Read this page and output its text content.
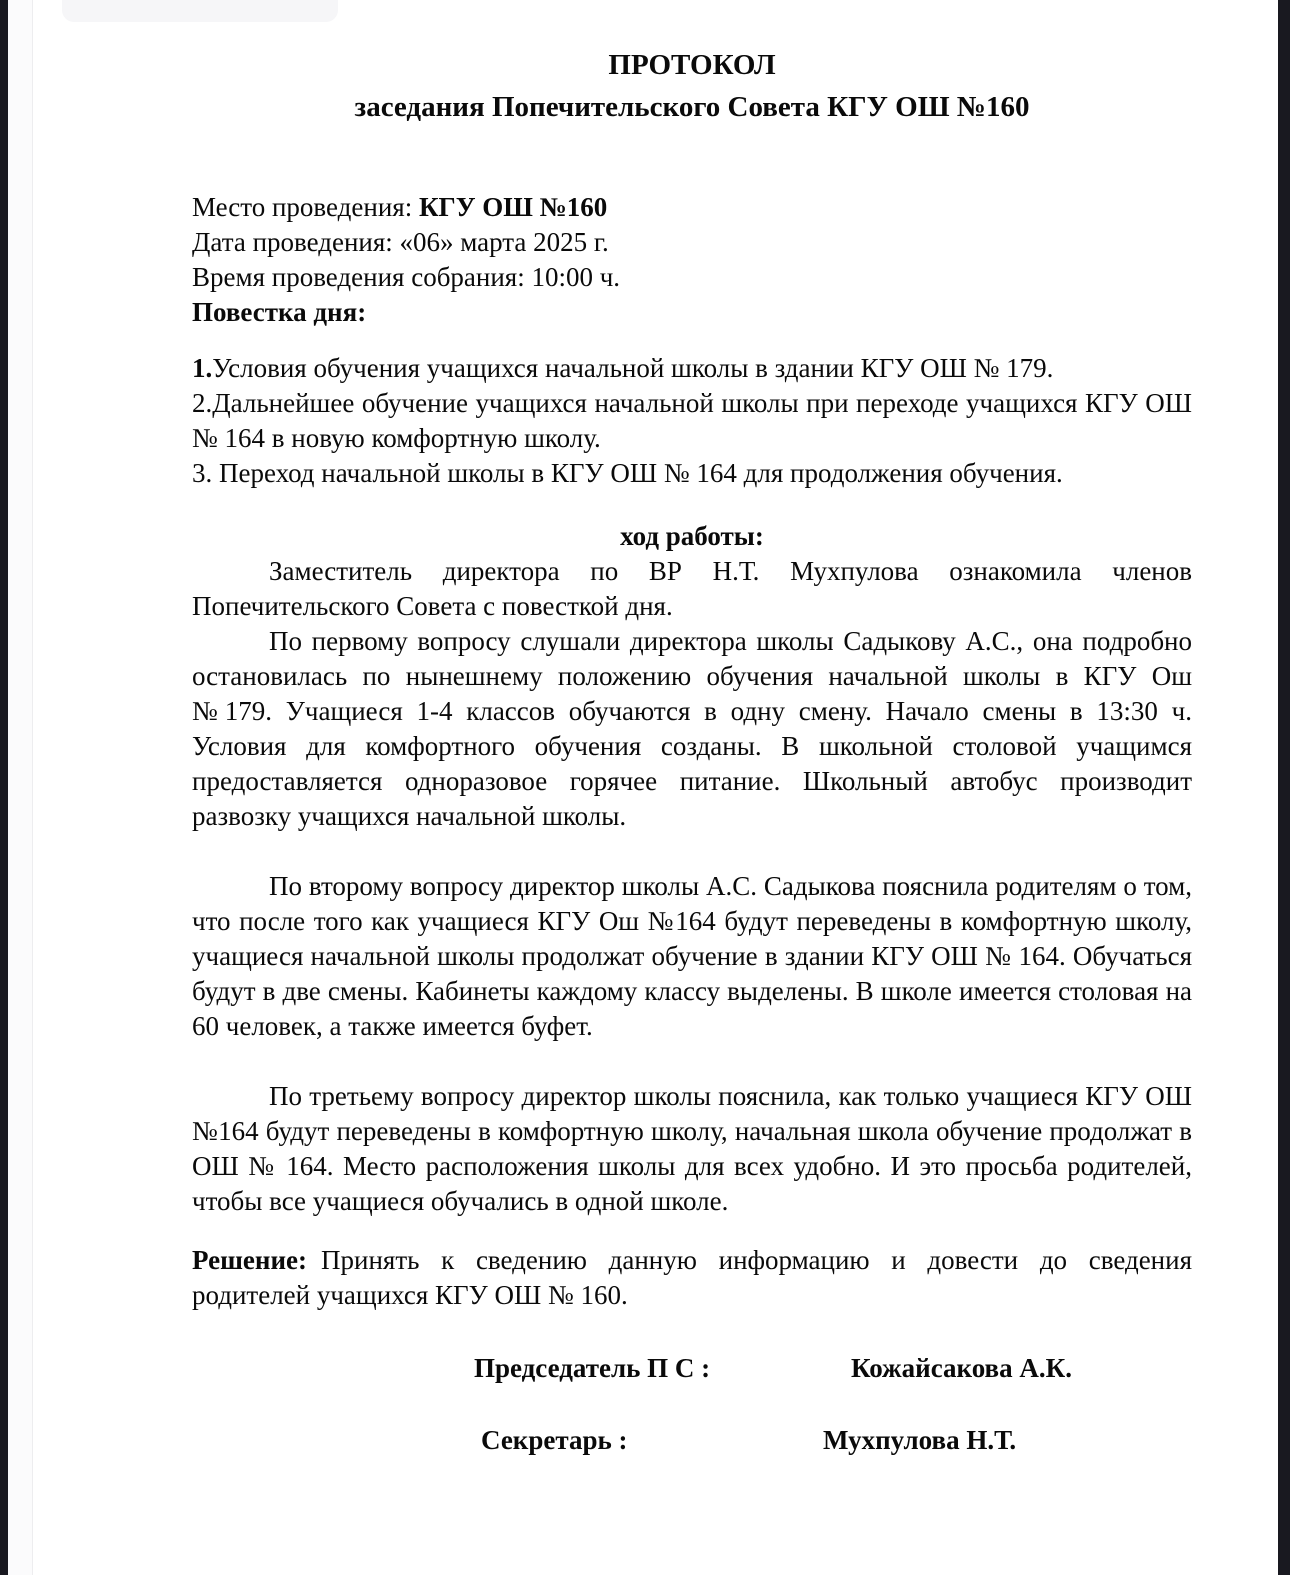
ПРОТОКОЛ
заседания Попечительского Совета КГУ ОШ №160

Место проведения: КГУ ОШ №160

Дата проведения: «06» марта 2025 г.

Время проведения собрания: 10:00 ч.

Повестка дня:

1.Условия обучения учащихся начальной школы в здании КГУ ОШ № 179.

2.Дальнейшее обучение учащихся начальной школы при переходе учащихся КГУ ОШ № 164 в новую комфортную школу.

3. Переход начальной школы в КГУ ОШ № 164 для продолжения обучения.

ход работы:

Заместитель директора по ВР Н.Т. Мухпулова ознакомила членов Попечительского Совета с повесткой дня.

По первому вопросу слушали директора школы Садыкову А.С., она подробно остановилась по нынешнему положению обучения начальной школы в КГУ Ош №179. Учащиеся 1-4 классов обучаются в одну смену. Начало смены в 13:30 ч. Условия для комфортного обучения созданы. В школьной столовой учащимся предоставляется одноразовое горячее питание. Школьный автобус производит развозку учащихся начальной школы.

По второму вопросу директор школы А.С. Садыкова пояснила родителям о том, что после того как учащиеся КГУ Ош №164 будут переведены в комфортную школу, учащиеся начальной школы продолжат обучение в здании КГУ ОШ № 164. Обучаться будут в две смены. Кабинеты каждому классу выделены. В школе имеется столовая на 60 человек, а также имеется буфет.

По третьему вопросу директор школы пояснила, как только учащиеся КГУ ОШ №164 будут переведены в комфортную школу, начальная школа обучение продолжат в ОШ № 164. Место расположения школы для всех удобно. И это просьба родителей, чтобы все учащиеся обучались в одной школе.

Решение: Принять к сведению данную информацию и довести до сведения родителей учащихся КГУ ОШ № 160.

Председатель П С :	Кожайсакова А.К.
Секретарь :	Мухпулова Н.Т.
